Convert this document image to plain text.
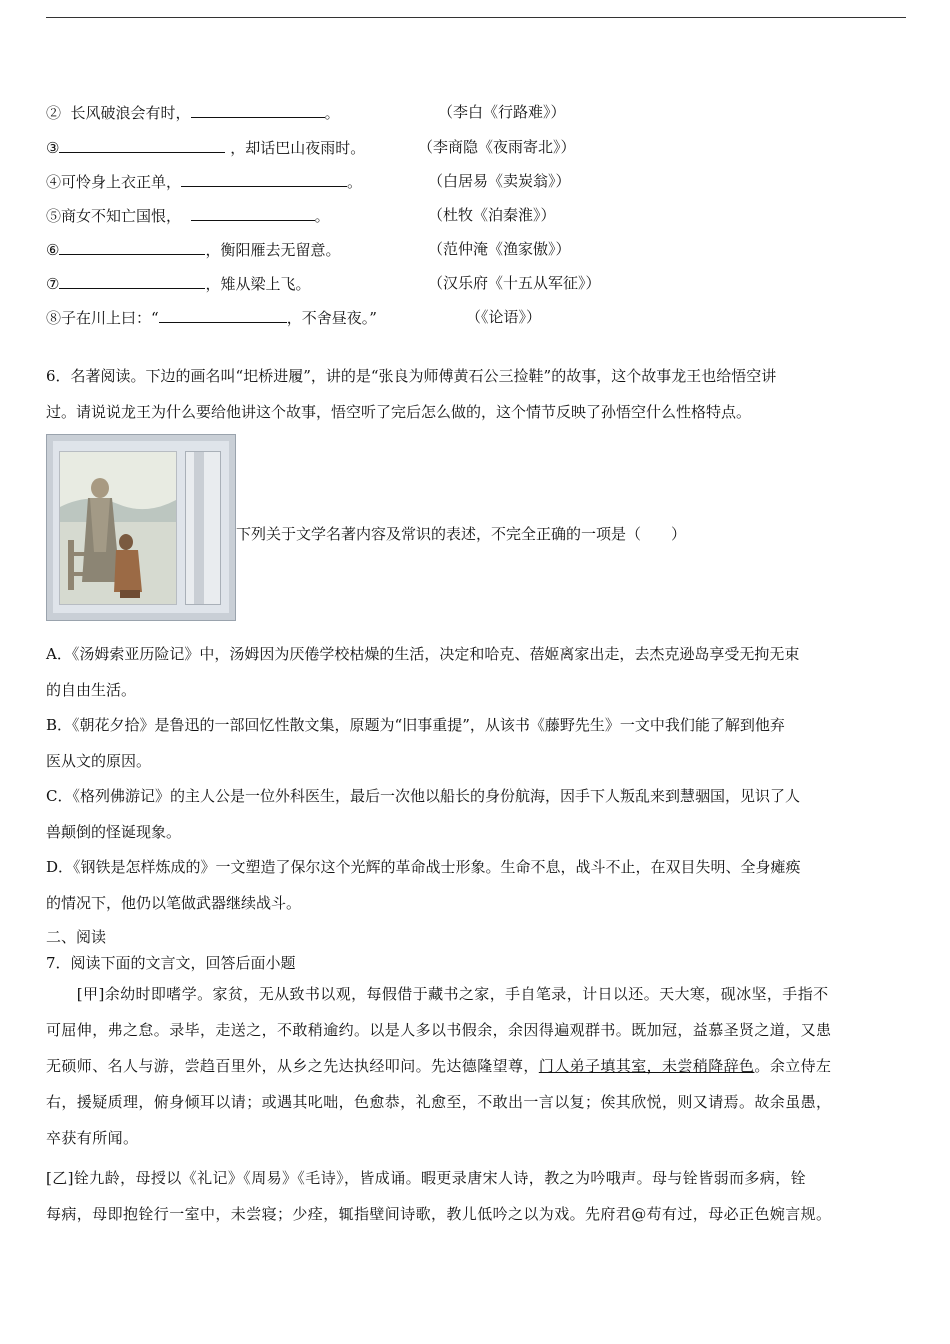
②  长风破浪会有时，	。	（李白《行路难》）
③	，却话巴山夜雨时。	（李商隐《夜雨寄北》）
④可怜身上衣正单，	。	（白居易《卖炭翁》）
⑤商女不知亡国恨，	。	（杜牧《泊秦淮》）
⑥	，衡阳雁去无留意。	（范仲淹《渔家傲》）
⑦	，雉从梁上飞。	（汉乐府《十五从军征》）
⑧子在川上曰：“	，不舍昼夜。”	（《论语》）

6．名著阅读。下边的画名叫“圯桥进履”，讲的是“张良为师傅黄石公三捡鞋”的故事，这个故事龙王也给悟空讲

过。请说说龙王为什么要给他讲这个故事，悟空听了完后怎么做的，这个情节反映了孙悟空什么性格特点。

下列关于文学名著内容及常识的表述，不完全正确的一项是（　　）

A．《汤姆索亚历险记》中，汤姆因为厌倦学校枯燥的生活，决定和哈克、蓓姬离家出走，去杰克逊岛享受无拘无束

的自由生活。

B．《朝花夕拾》是鲁迅的一部回忆性散文集，原题为“旧事重提”，从该书《藤野先生》一文中我们能了解到他弃

医从文的原因。

C．《格列佛游记》的主人公是一位外科医生，最后一次他以船长的身份航海，因手下人叛乱来到慧骃国，见识了人

兽颠倒的怪诞现象。

D．《钢铁是怎样炼成的》一文塑造了保尔这个光辉的革命战士形象。生命不息，战斗不止，在双目失明、全身瘫痪

的情况下，他仍以笔做武器继续战斗。

二、阅读
7．阅读下面的文言文，回答后面小题

　　[甲]余幼时即嗜学。家贫，无从致书以观，每假借于藏书之家，手自笔录，计日以还。天大寒，砚冰坚，手指不

可屈伸，弗之怠。录毕，走送之，不敢稍逾约。以是人多以书假余，余因得遍观群书。既加冠，益慕圣贤之道，又患

无硕师、名人与游，尝趋百里外，从乡之先达执经叩问。先达德隆望尊，门人弟子填其室，未尝稍降辞色。余立侍左

右，援疑质理，俯身倾耳以请；或遇其叱咄，色愈恭，礼愈至，不敢出一言以复；俟其欣悦，则又请焉。故余虽愚，

卒获有所闻。

[乙]铨九龄，母授以《礼记》《周易》《毛诗》，皆成诵。暇更录唐宋人诗，教之为吟哦声。母与铨皆弱而多病，铨

每病，母即抱铨行一室中，未尝寝；少痊，辄指壁间诗歌，教儿低吟之以为戏。先府君@苟有过，母必正色婉言规。
